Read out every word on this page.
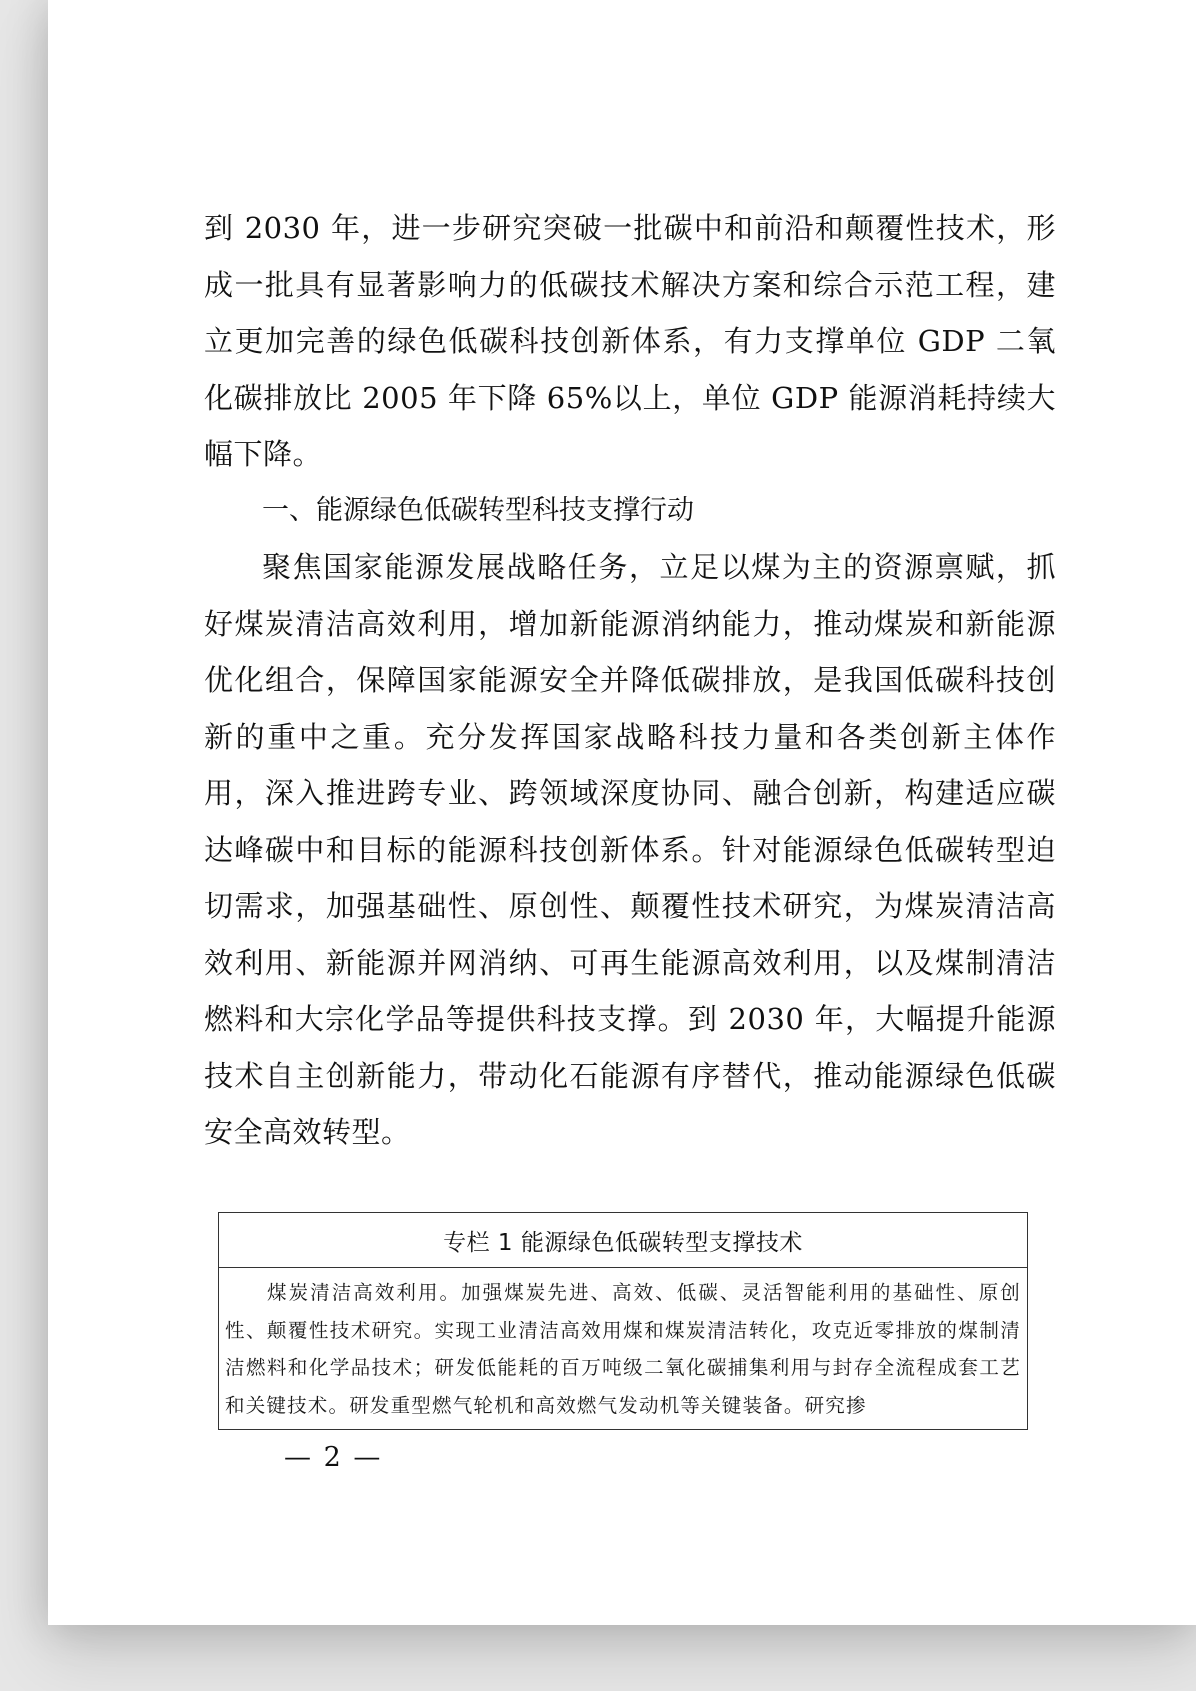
到 2030 年，进一步研究突破一批碳中和前沿和颠覆性技术，形成一批具有显著影响力的低碳技术解决方案和综合示范工程，建立更加完善的绿色低碳科技创新体系，有力支撑单位 GDP 二氧化碳排放比 2005 年下降 65%以上，单位 GDP 能源消耗持续大幅下降。

一、能源绿色低碳转型科技支撑行动

聚焦国家能源发展战略任务，立足以煤为主的资源禀赋，抓好煤炭清洁高效利用，增加新能源消纳能力，推动煤炭和新能源优化组合，保障国家能源安全并降低碳排放，是我国低碳科技创新的重中之重。充分发挥国家战略科技力量和各类创新主体作用，深入推进跨专业、跨领域深度协同、融合创新，构建适应碳达峰碳中和目标的能源科技创新体系。针对能源绿色低碳转型迫切需求，加强基础性、原创性、颠覆性技术研究，为煤炭清洁高效利用、新能源并网消纳、可再生能源高效利用，以及煤制清洁燃料和大宗化学品等提供科技支撑。到 2030 年，大幅提升能源技术自主创新能力，带动化石能源有序替代，推动能源绿色低碳安全高效转型。

专栏 1 能源绿色低碳转型支撑技术

煤炭清洁高效利用。加强煤炭先进、高效、低碳、灵活智能利用的基础性、原创性、颠覆性技术研究。实现工业清洁高效用煤和煤炭清洁转化，攻克近零排放的煤制清洁燃料和化学品技术；研发低能耗的百万吨级二氧化碳捕集利用与封存全流程成套工艺和关键技术。研发重型燃气轮机和高效燃气发动机等关键装备。研究掺

— 2 —
